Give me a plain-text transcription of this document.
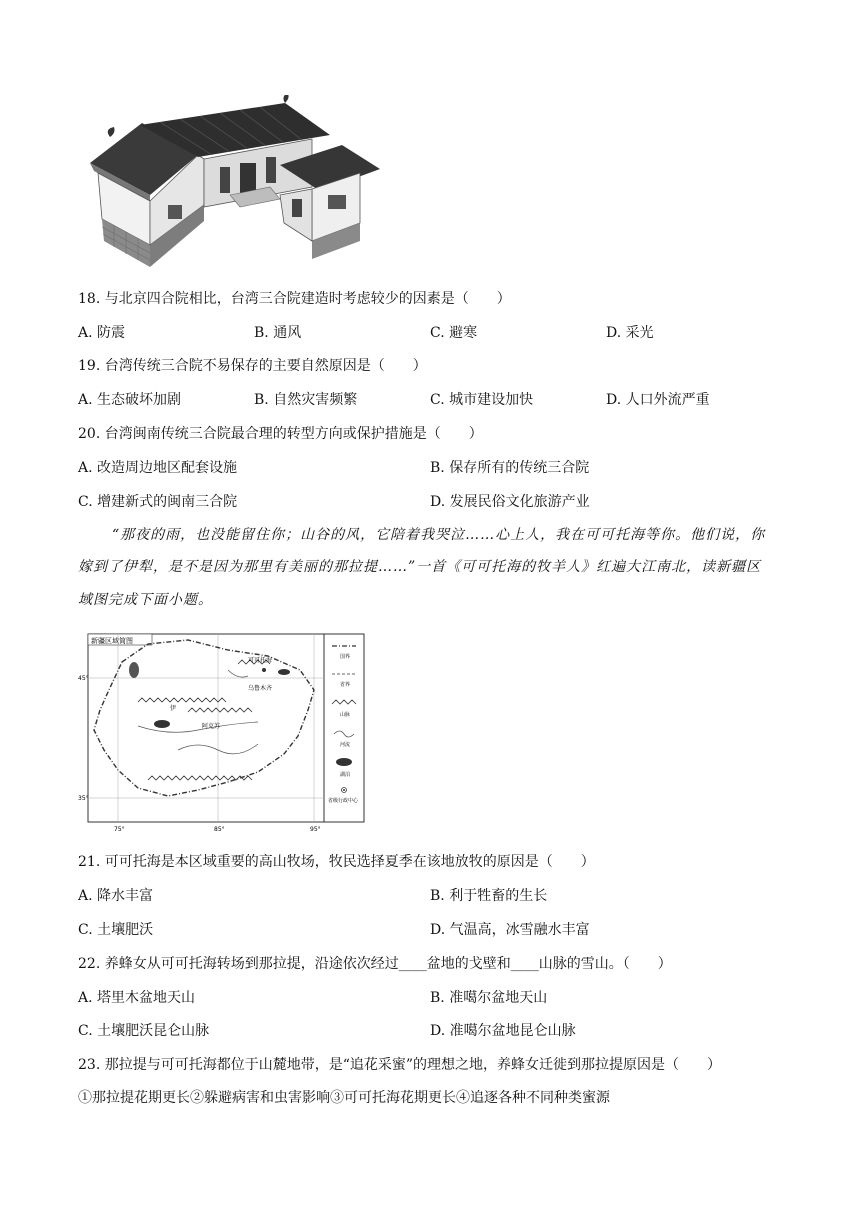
18. 与北京四合院相比，台湾三合院建造时考虑较少的因素是（　　）
A. 防震	B. 通风	C. 避寒	D. 采光
19. 台湾传统三合院不易保存的主要自然原因是（　　）
A. 生态破坏加剧	B. 自然灾害频繁	C. 城市建设加快	D. 人口外流严重
20. 台湾闽南传统三合院最合理的转型方向或保护措施是（　　）
A. 改造周边地区配套设施	B. 保存所有的传统三合院
C. 增建新式的闽南三合院	D. 发展民俗文化旅游产业
“那夜的雨，也没能留住你；山谷的风，它陪着我哭泣……心上人，我在可可托海等你。他们说，你
嫁到了伊犁，是不是因为那里有美丽的那拉提……”一首《可可托海的牧羊人》红遍大江南北，读新疆区
域图完成下面小题。
新疆区域简图
可可托海
乌鲁木齐
伊
阿克苏
45°
35°
75°	85°	95°
国界
省界
山脉
河流
湖泊
省级行政中心
21. 可可托海是本区域重要的高山牧场，牧民选择夏季在该地放牧的原因是（　　）
A. 降水丰富	B. 利于牲畜的生长
C. 土壤肥沃	D. 气温高，冰雪融水丰富
22. 养蜂女从可可托海转场到那拉提，沿途依次经过____盆地的戈壁和____山脉的雪山。（　　）
A. 塔里木盆地天山	B. 准噶尔盆地天山
C. 土壤肥沃昆仑山脉	D. 准噶尔盆地昆仑山脉
23. 那拉提与可可托海都位于山麓地带，是“追花采蜜”的理想之地，养蜂女迁徙到那拉提原因是（　　）
①那拉提花期更长②躲避病害和虫害影响③可可托海花期更长④追逐各种不同种类蜜源
